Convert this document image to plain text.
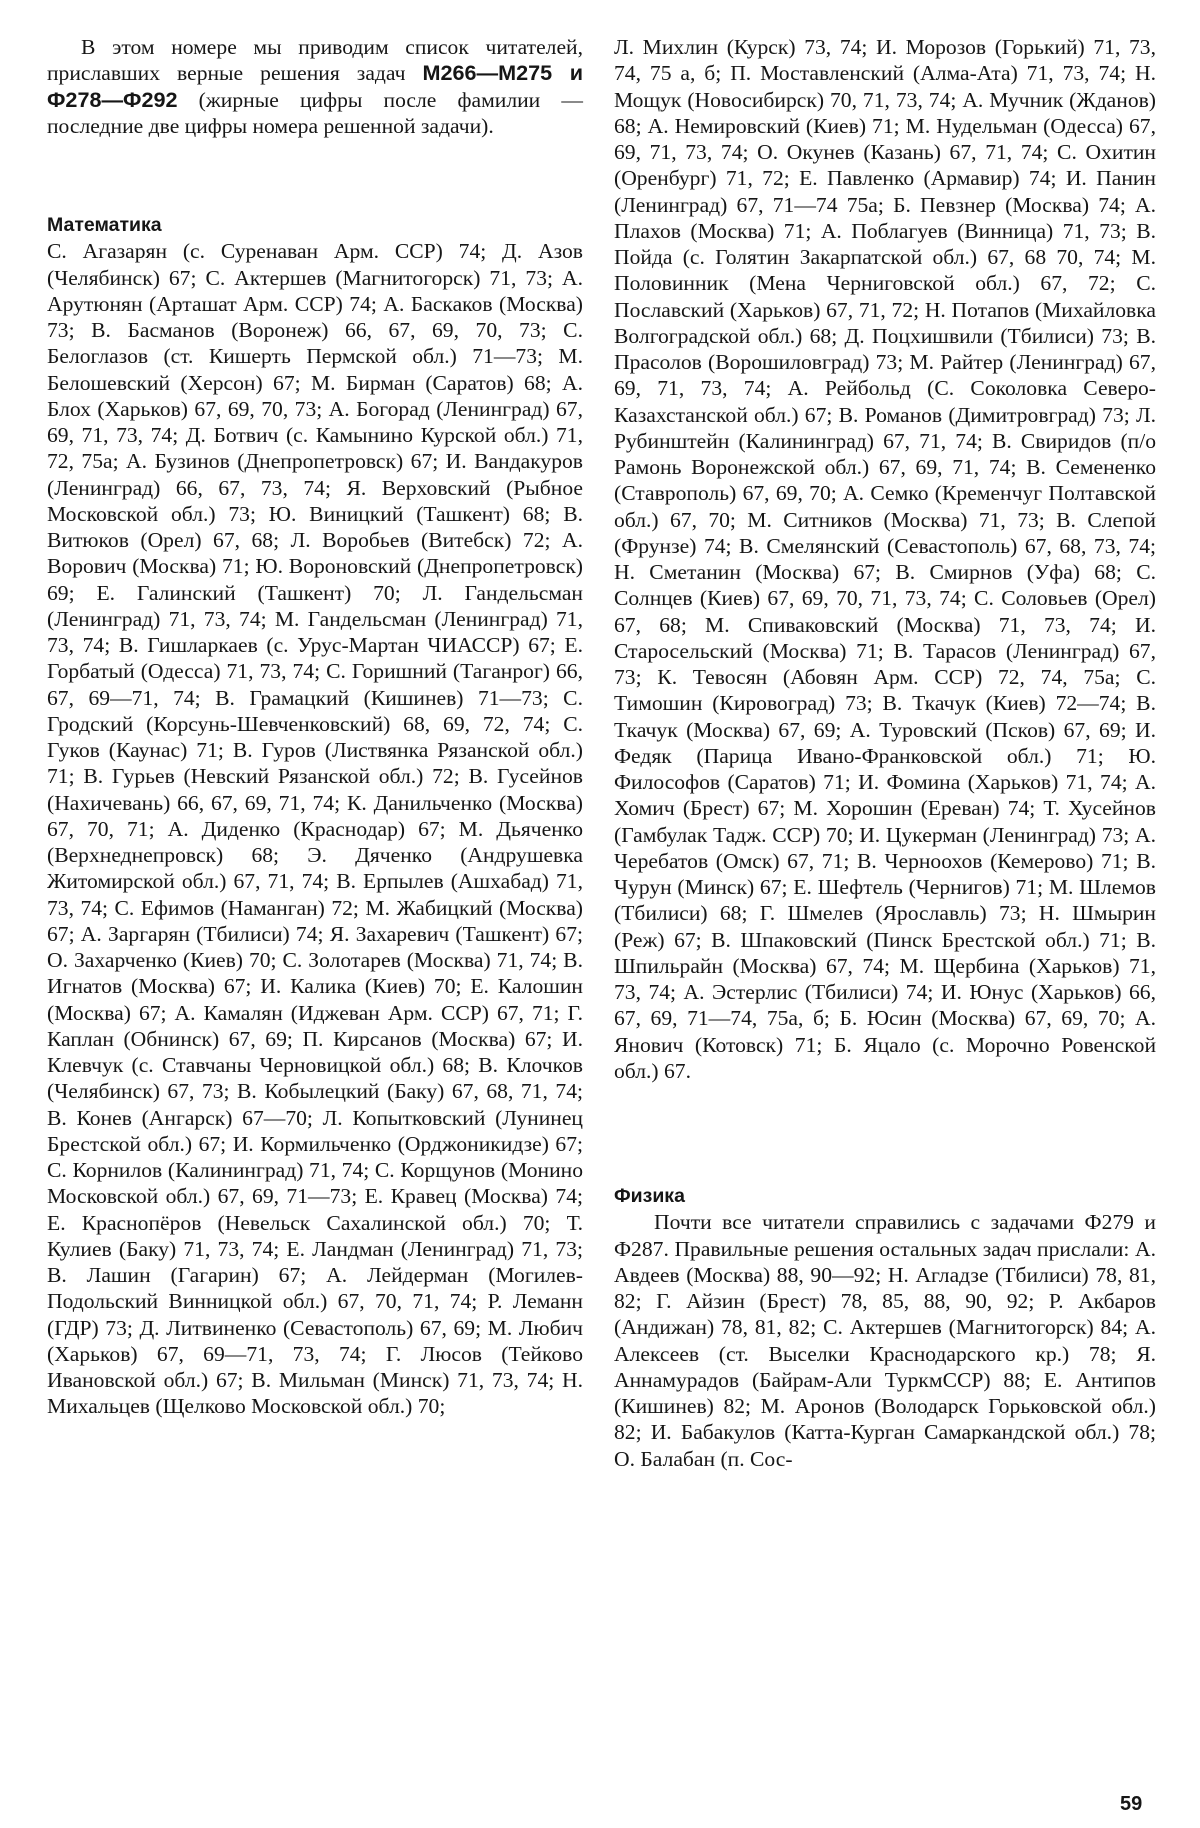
В этом номере мы приводим список читателей, приславших верные решения задач М266—М275 и Ф278—Ф292 (жирные цифры после фамилии — последние две цифры номера решенной задачи).

Математика

С. Агазарян (с. Суренаван Арм. ССР) 74; Д. Азов (Челябинск) 67; С. Актершев (Магнитогорск) 71, 73; А. Арутюнян (Арташат Арм. ССР) 74; А. Баскаков (Москва) 73; В. Басманов (Воронеж) 66, 67, 69, 70, 73; С. Белоглазов (ст. Кишерть Пермской обл.) 71—73; М. Белошевский (Херсон) 67; М. Бирман (Саратов) 68; А. Блох (Харьков) 67, 69, 70, 73; А. Богорад (Ленинград) 67, 69, 71, 73, 74; Д. Ботвич (с. Камынино Курской обл.) 71, 72, 75а; А. Бузинов (Днепропетровск) 67; И. Вандакуров (Ленинград) 66, 67, 73, 74; Я. Верховский (Рыбное Московской обл.) 73; Ю. Виницкий (Ташкент) 68; В. Витюков (Орел) 67, 68; Л. Воробьев (Витебск) 72; А. Ворович (Москва) 71; Ю. Вороновский (Днепропетровск) 69; Е. Галинский (Ташкент) 70; Л. Гандельсман (Ленинград) 71, 73, 74; М. Гандельсман (Ленинград) 71, 73, 74; В. Гишларкаев (с. Урус-Мартан ЧИАССР) 67; Е. Горбатый (Одесса) 71, 73, 74; С. Горишний (Таганрог) 66, 67, 69—71, 74; В. Грамацкий (Кишинев) 71—73; С. Гродский (Корсунь-Шевченковский) 68, 69, 72, 74; С. Гуков (Каунас) 71; В. Гуров (Листвянка Рязанской обл.) 71; В. Гурьев (Невский Рязанской обл.) 72; В. Гусейнов (Нахичевань) 66, 67, 69, 71, 74; К. Данильченко (Москва) 67, 70, 71; А. Диденко (Краснодар) 67; М. Дьяченко (Верхнеднепровск) 68; Э. Дяченко (Андрушевка Житомирской обл.) 67, 71, 74; В. Ерпылев (Ашхабад) 71, 73, 74; С. Ефимов (Наманган) 72; М. Жабицкий (Москва) 67; А. Заргарян (Тбилиси) 74; Я. Захаревич (Ташкент) 67; О. Захарченко (Киев) 70; С. Золотарев (Москва) 71, 74; В. Игнатов (Москва) 67; И. Калика (Киев) 70; Е. Калошин (Москва) 67; А. Камалян (Иджеван Арм. ССР) 67, 71; Г. Каплан (Обнинск) 67, 69; П. Кирсанов (Москва) 67; И. Клевчук (с. Ставчаны Черновицкой обл.) 68; В. Клочков (Челябинск) 67, 73; В. Кобылецкий (Баку) 67, 68, 71, 74; В. Конев (Ангарск) 67—70; Л. Копытковский (Лунинец Брестской обл.) 67; И. Кормильченко (Орджоникидзе) 67; С. Корнилов (Калининград) 71, 74; С. Корщунов (Монино Московской обл.) 67, 69, 71—73; Е. Кравец (Москва) 74; Е. Краснопёров (Невельск Сахалинской обл.) 70; Т. Кулиев (Баку) 71, 73, 74; Е. Ландман (Ленинград) 71, 73; В. Лашин (Гагарин) 67; А. Лейдерман (Могилев-Подольский Винницкой обл.) 67, 70, 71, 74; Р. Леманн (ГДР) 73; Д. Литвиненко (Севастополь) 67, 69; М. Любич (Харьков) 67, 69—71, 73, 74; Г. Люсов (Тейково Ивановской обл.) 67; В. Мильман (Минск) 71, 73, 74; Н. Михальцев (Щелково Московской обл.) 70;

Л. Михлин (Курск) 73, 74; И. Морозов (Горький) 71, 73, 74, 75 а, б; П. Моставленский (Алма-Ата) 71, 73, 74; Н. Мощук (Новосибирск) 70, 71, 73, 74; А. Мучник (Жданов) 68; А. Немировский (Киев) 71; М. Нудельман (Одесса) 67, 69, 71, 73, 74; О. Окунев (Казань) 67, 71, 74; С. Охитин (Оренбург) 71, 72; Е. Павленко (Армавир) 74; И. Панин (Ленинград) 67, 71—74 75а; Б. Певзнер (Москва) 74; А. Плахов (Москва) 71; А. Поблагуев (Винница) 71, 73; В. Пойда (с. Голятин Закарпатской обл.) 67, 68 70, 74; М. Половинник (Мена Черниговской обл.) 67, 72; С. Послaвский (Харьков) 67, 71, 72; Н. Потапов (Михайловка Волгоградской обл.) 68; Д. Поцхишвили (Тбилиси) 73; В. Прасолов (Ворошиловград) 73; М. Райтер (Ленинград) 67, 69, 71, 73, 74; А. Рейбольд (С. Соколовка Северо-Казахстанской обл.) 67; В. Романов (Димитровград) 73; Л. Рубинштейн (Калининград) 67, 71, 74; В. Свиридов (п/о Рамонь Воронежской обл.) 67, 69, 71, 74; В. Семененко (Ставрополь) 67, 69, 70; А. Семко (Кременчуг Полтавской обл.) 67, 70; М. Ситников (Москва) 71, 73; В. Слепой (Фрунзе) 74; В. Смелянский (Севастополь) 67, 68, 73, 74; Н. Сметанин (Москва) 67; В. Смирнов (Уфа) 68; С. Солнцев (Киев) 67, 69, 70, 71, 73, 74; С. Соловьев (Орел) 67, 68; М. Спиваковский (Москва) 71, 73, 74; И. Старосельский (Москва) 71; В. Тарасов (Ленинград) 67, 73; К. Тевосян (Абовян Арм. ССР) 72, 74, 75а; С. Тимошин (Кировоград) 73; В. Ткачук (Киев) 72—74; В. Ткачук (Москва) 67, 69; А. Туровский (Псков) 67, 69; И. Федяк (Парица Ивано-Франковской обл.) 71; Ю. Философов (Саратов) 71; И. Фомина (Харьков) 71, 74; А. Хомич (Брест) 67; М. Хорошин (Ереван) 74; Т. Хусейнов (Гамбулак Тадж. ССР) 70; И. Цукерман (Ленинград) 73; А. Черебатов (Омск) 67, 71; В. Черноохов (Кемерово) 71; В. Чурун (Минск) 67; Е. Шефтель (Чернигов) 71; М. Шлемов (Тбилиси) 68; Г. Шмелев (Ярославль) 73; Н. Шмырин (Реж) 67; В. Шпаковский (Пинск Брестской обл.) 71; В. Шпильрайн (Москва) 67, 74; М. Щербина (Харьков) 71, 73, 74; А. Эстерлис (Тбилиси) 74; И. Юнус (Харьков) 66, 67, 69, 71—74, 75а, б; Б. Юсин (Москва) 67, 69, 70; А. Янович (Котовск) 71; Б. Яцало (с. Морочно Ровенской обл.) 67.

Физика

Почти все читатели справились с задачами Ф279 и Ф287. Правильные решения остальных задач прислали: А. Авдеев (Москва) 88, 90—92; Н. Агладзе (Тбилиси) 78, 81, 82; Г. Айзин (Брест) 78, 85, 88, 90, 92; Р. Акбаров (Андижан) 78, 81, 82; С. Актершев (Магнитогорск) 84; А. Алексеев (ст. Выселки Краснодарского кр.) 78; Я. Аннамурадов (Байрам-Али ТуркмССР) 88; Е. Антипов (Кишинев) 82; М. Аронов (Володарск Горьковской обл.) 82; И. Бабакулов (Катта-Курган Самаркандской обл.) 78; О. Балабан (п. Сос-

59
